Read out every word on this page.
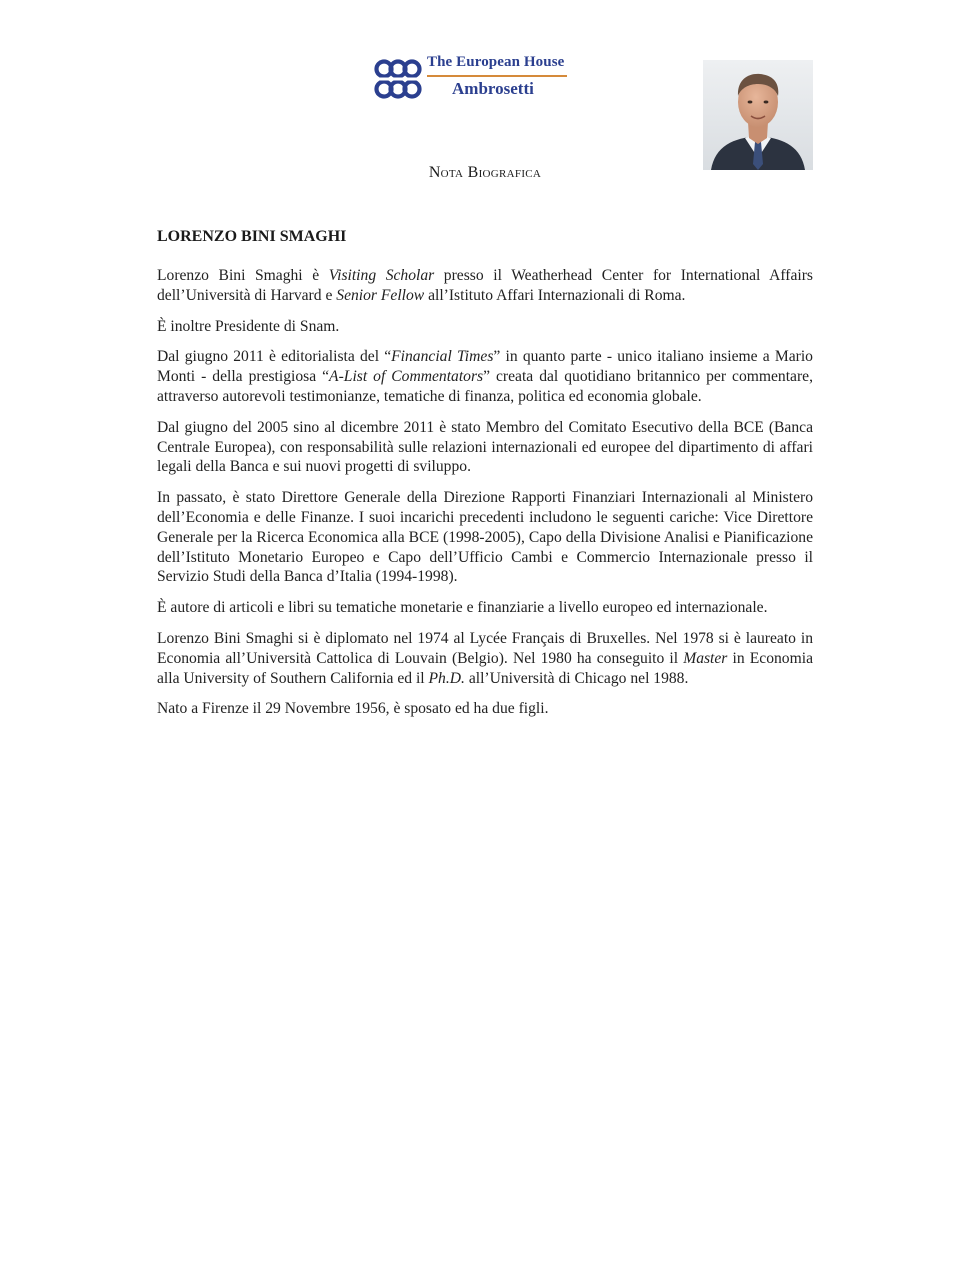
The European House
Ambrosetti
Nota Biografica
LORENZO BINI SMAGHI

Lorenzo Bini Smaghi è Visiting Scholar presso il Weatherhead Center for International Affairs dell’Università di Harvard e Senior Fellow all’Istituto Affari Internazionali di Roma.

È inoltre Presidente di Snam.

Dal giugno 2011 è editorialista del “Financial Times” in quanto parte - unico italiano insieme a Mario Monti - della prestigiosa “A-List of Commentators” creata dal quotidiano britannico per commentare, attraverso autorevoli testimonianze, tematiche di finanza, politica ed economia globale.

Dal giugno del 2005 sino al dicembre 2011 è stato Membro del Comitato Esecutivo della BCE (Banca Centrale Europea), con responsabilità sulle relazioni internazionali ed europee del dipartimento di affari legali della Banca e sui nuovi progetti di sviluppo.

In passato, è stato Direttore Generale della Direzione Rapporti Finanziari Internazionali al Ministero dell’Economia e delle Finanze. I suoi incarichi precedenti includono le seguenti cariche: Vice Direttore Generale per la Ricerca Economica alla BCE (1998-2005), Capo della Divisione Analisi e Pianificazione dell’Istituto Monetario Europeo e Capo dell’Ufficio Cambi e Commercio Internazionale presso il Servizio Studi della Banca d’Italia (1994-1998).

È autore di articoli e libri su tematiche monetarie e finanziarie a livello europeo ed internazionale.

Lorenzo Bini Smaghi si è diplomato nel 1974 al Lycée Français di Bruxelles. Nel 1978 si è laureato in Economia all’Università Cattolica di Louvain (Belgio). Nel 1980 ha conseguito il Master in Economia alla University of Southern California ed il Ph.D. all’Università di Chicago nel 1988.

Nato a Firenze il 29 Novembre 1956, è sposato ed ha due figli.
